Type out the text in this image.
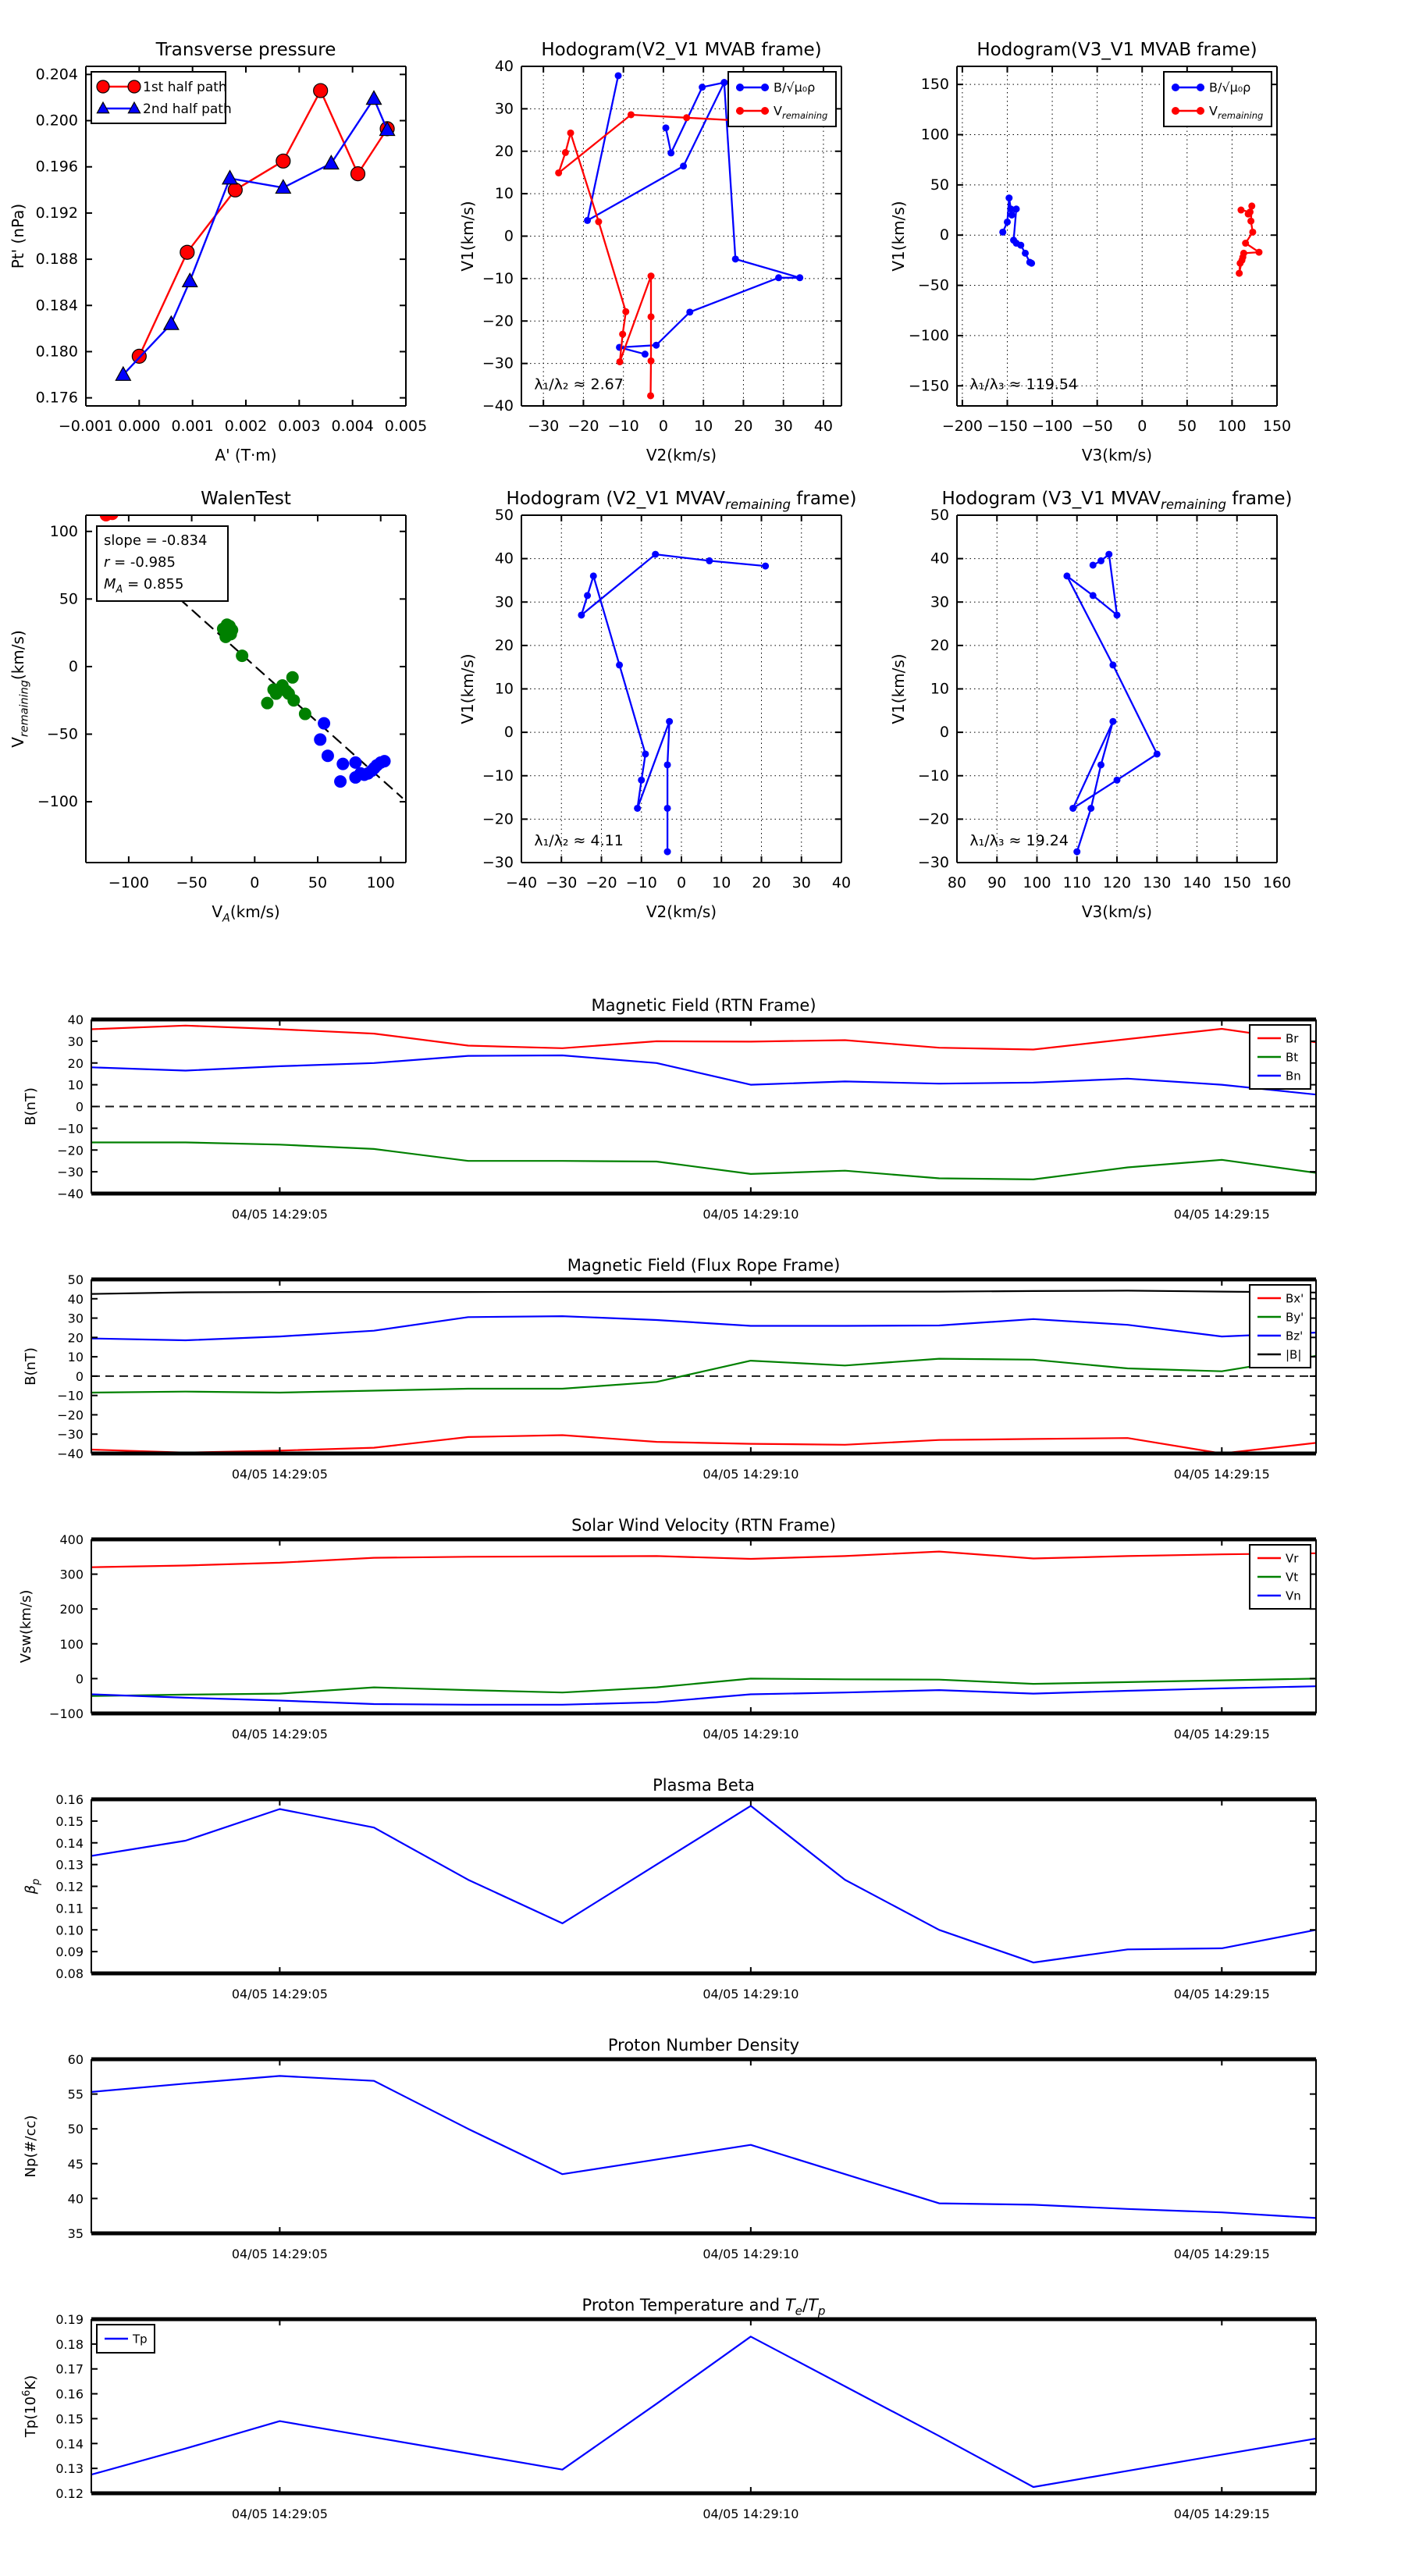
−0.001 0.000 0.001 0.002 0.003 0.004 0.005
0.176
0.180
0.184
0.188
0.192
0.196
0.200
0.204
Transverse pressure
A' (T·m)
Pt' (nPa)
1st half path
2nd half path
−30 −20 −10 0 10 20 30 40
−40
−30
−20
−10
0
10
20
30
40
Hodogram(V2_V1 MVAB frame)
V2(km/s)
V1(km/s)
B/√μ₀ρ
$V_{remaining}$
λ₁/λ₂ ≈ 2.67
−200 −150 −100 −50 0 50 100 150
−150
−100
−50
0
50
100
150
Hodogram(V3_V1 MVAB frame)
V3(km/s)
V1(km/s)
B/√μ₀ρ
$V_{remaining}$
λ₁/λ₃ ≈ 119.54
−100 −50	0	50	100
−100
−50
0
50
100
WalenTest
$V_A(km/s)$
$V_{remaining}(km/s)$
slope = -0.834
r = -0.985
$M_A = 0.855$
−40 −30 −20 −10 0 10 20 30 40
−30
−20
−10
0
10
20
30
40
50
Hodogram (V2_V1 $MVAV_{remaining}$ frame)
V2(km/s)
V1(km/s)
λ₁/λ₂ ≈ 4.11
80 90 100 110 120 130 140 150 160
−30
−20
−10
0
10
20
30
40
50
Hodogram (V3_V1 $MVAV_{remaining}$ frame)
V3(km/s)
V1(km/s)
λ₁/λ₃ ≈ 19.24
04/05 14:29:05	04/05 14:29:10	04/05 14:29:15
−40
−30
−20
−10
0
10
20
30
40
Magnetic Field (RTN Frame)
B(nT)
Br
Bt
Bn
04/05 14:29:05	04/05 14:29:10	04/05 14:29:15
−40
−30
−20
−10
0
10
20
30
40
50
Magnetic Field (Flux Rope Frame)
B(nT)
Bx'
By'
Bz'
|B|
04/05 14:29:05	04/05 14:29:10	04/05 14:29:15
−100
0
100
200
300
400
Solar Wind Velocity (RTN Frame)
Vsw(km/s)
Vr
Vt
Vn
04/05 14:29:05	04/05 14:29:10	04/05 14:29:15
0.08
0.09
0.10
0.11
0.12
0.13
0.14
0.15
0.16
Plasma Beta
$\beta_p$
04/05 14:29:05	04/05 14:29:10	04/05 14:29:15
35
40
45
50
55
60
Proton Number Density
Np(#/cc)
04/05 14:29:05	04/05 14:29:10	04/05 14:29:15
0.12
0.13
0.14
0.15
0.16
0.17
0.18
0.19
Proton Temperature and $T_e/T_p$
$Tp(10^6K)$
Tp
